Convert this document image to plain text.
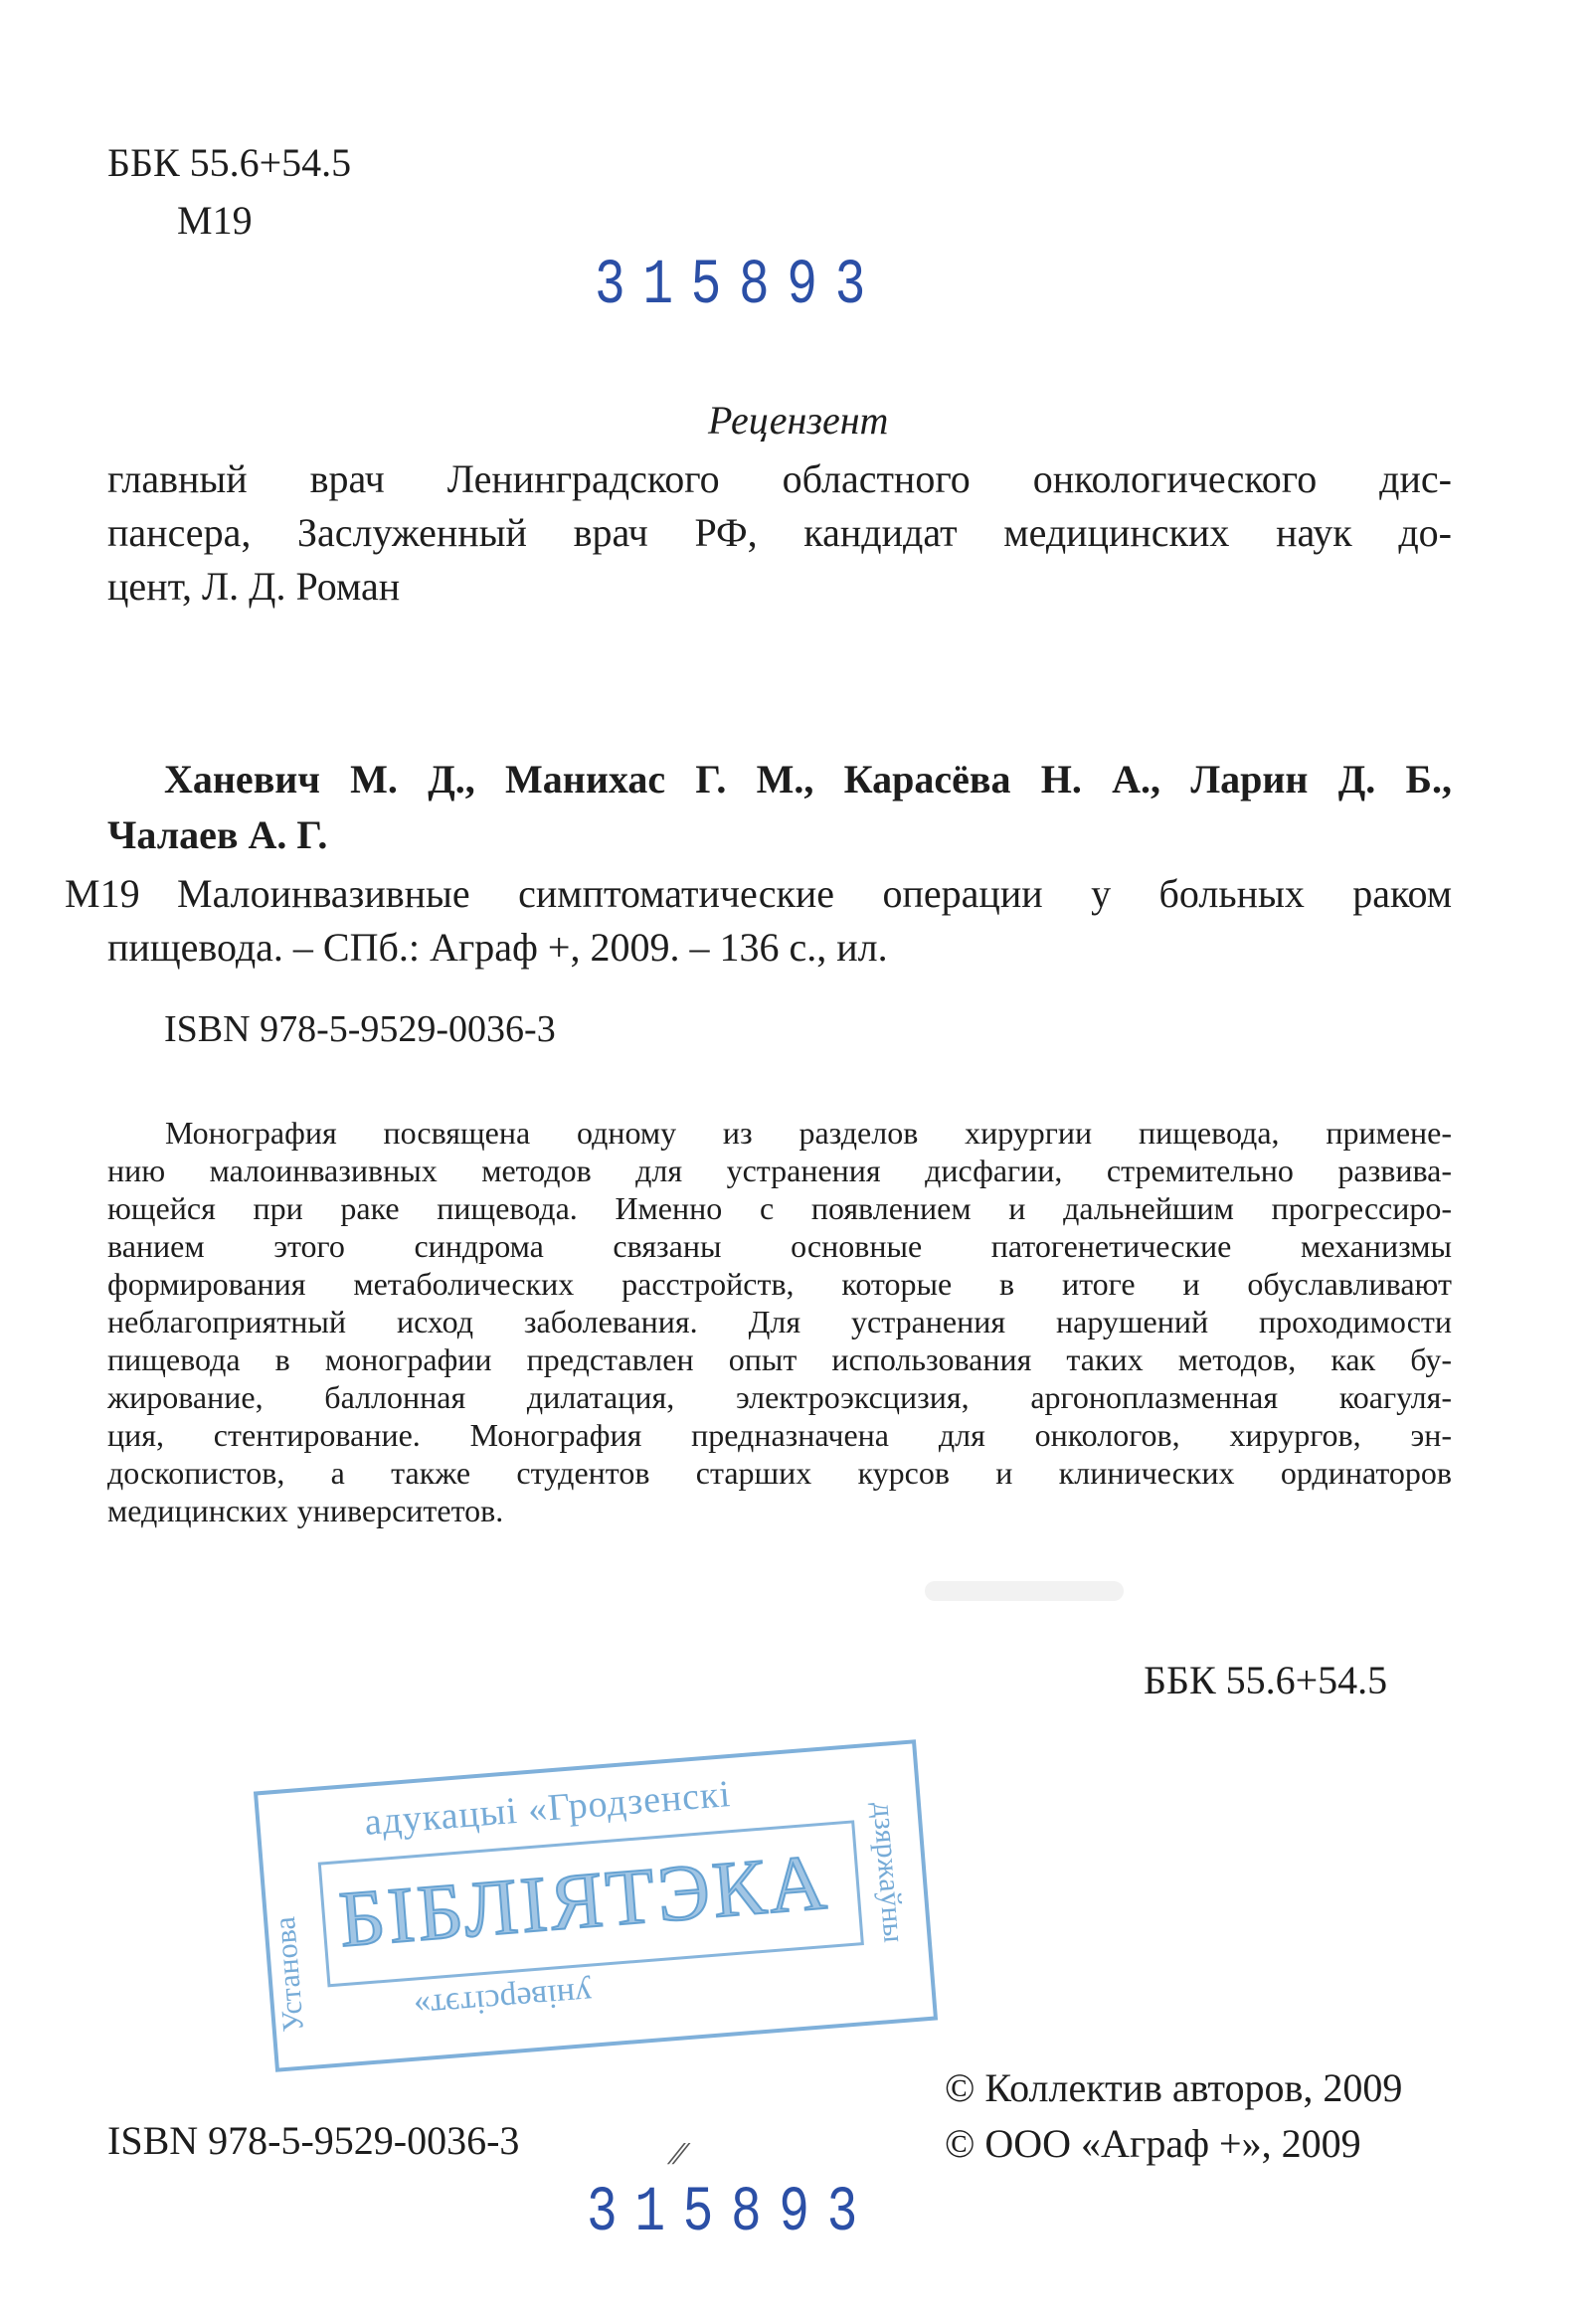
ББК 55.6+54.5
М19
315893
Рецензент
главный врач Ленинградского областного онкологического дис-
пансера, Заслуженный врач РФ, кандидат медицинских наук до-
цент, Л. Д. Роман
Ханевич М. Д., Манихас Г. М., Карасёва Н. А., Ларин Д. Б.,
Чалаев А. Г.
М19 Малоинвазивные симптоматические операции у больных раком
пищевода. – СПб.: Аграф +, 2009. – 136 с., ил.
ISBN 978-5-9529-0036-3
Монография посвящена одному из разделов хирургии пищевода, примене-
нию малоинвазивных методов для устранения дисфагии, стремительно развива-
ющейся при раке пищевода. Именно с появлением и дальнейшим прогрессиро-
ванием этого синдрома связаны основные патогенетические механизмы
формирования метаболических расстройств, которые в итоге и обуславливают
неблагоприятный исход заболевания. Для устранения нарушений проходимости
пищевода в монографии представлен опыт использования таких методов, как бу-
жирование, баллонная дилатация, электроэксцизия, аргоноплазменная коагуля-
ция, стентирование. Монография предназначена для онкологов, хирургов, эн-
доскопистов, а также студентов старших курсов и клинических ординаторов
медицинских университетов.
ББК 55.6+54.5
адукацыі «Гродзенскі
БІБЛІЯТЭКА
універсітэт»
дзяржаўны
Установа
ISBN 978-5-9529-0036-3
© Коллектив авторов, 2009
© ООО «Аграф +», 2009
⁄⁄
315893
